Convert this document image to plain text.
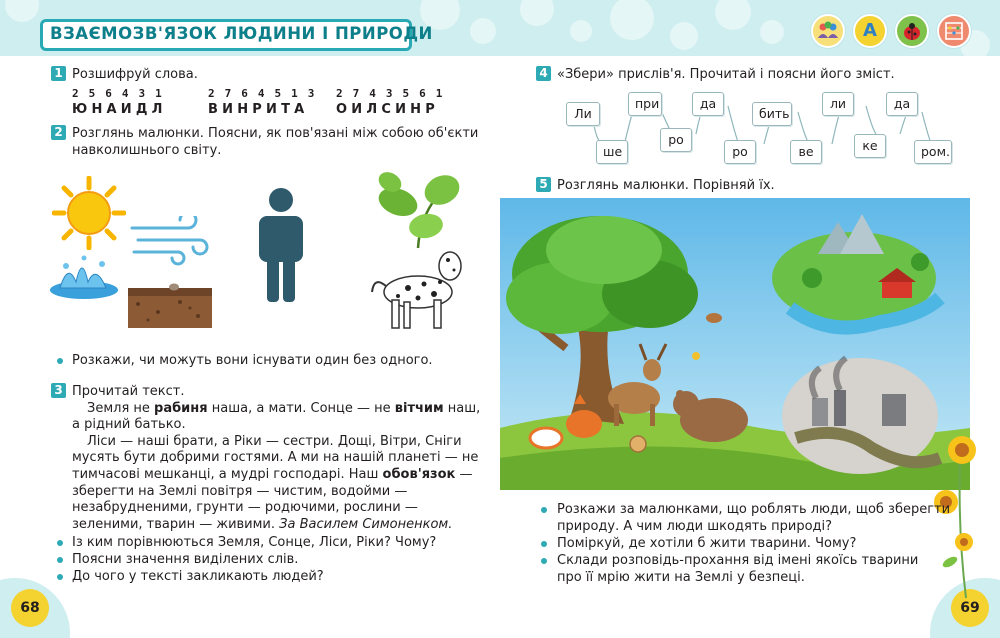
ВЗАЄМОЗВ'ЯЗОК ЛЮДИНИ І ПРИРОДИ	A
1 Розшифруй слова.
256431	2764513 2743561
ЮНАИДЛ	ВИНРИТА ОИЛСИНР
2 Розглянь малюнки. Поясни, як пов'язані між собою об'єкти
навколишнього світу.
Розкажи, чи можуть вони існувати один без одного.
3 Прочитай текст.
Земля не рабиня наша, а мати. Сонце — не вітчим наш,
а рідний батько.
Ліси — наші брати, а Ріки — сестри. Дощі, Вітри, Сніги
мусять бути добрими гостями. А ми на нашій планеті — не
тимчасові мешканці, а мудрі господарі. Наш обов'язок —
зберегти на Землі повітря — чистим, водойми —
незабрудненими, грунти — родючими, рослини —
зеленими, тварин — живими. За Василем Симоненком.
Із ким порівнюються Земля, Сонце, Ліси, Ріки? Чому?
Поясни значення виділених слів.
До чого у тексті закликають людей?
68	69
4 «Збери» прислів'я. Прочитай і поясни його зміст.
Ли
ше
при
ро
да
ро
бить
ве
ли
ке
да
ром.
5 Розглянь малюнки. Порівняй їх.
Розкажи за малюнками, що роблять люди, щоб зберегти
природу. А чим люди шкодять природі?
Поміркуй, де хотіли б жити тварини. Чому?
Склади розповідь-прохання від імені якоїсь тварини
про її мрію жити на Землі у безпеці.
